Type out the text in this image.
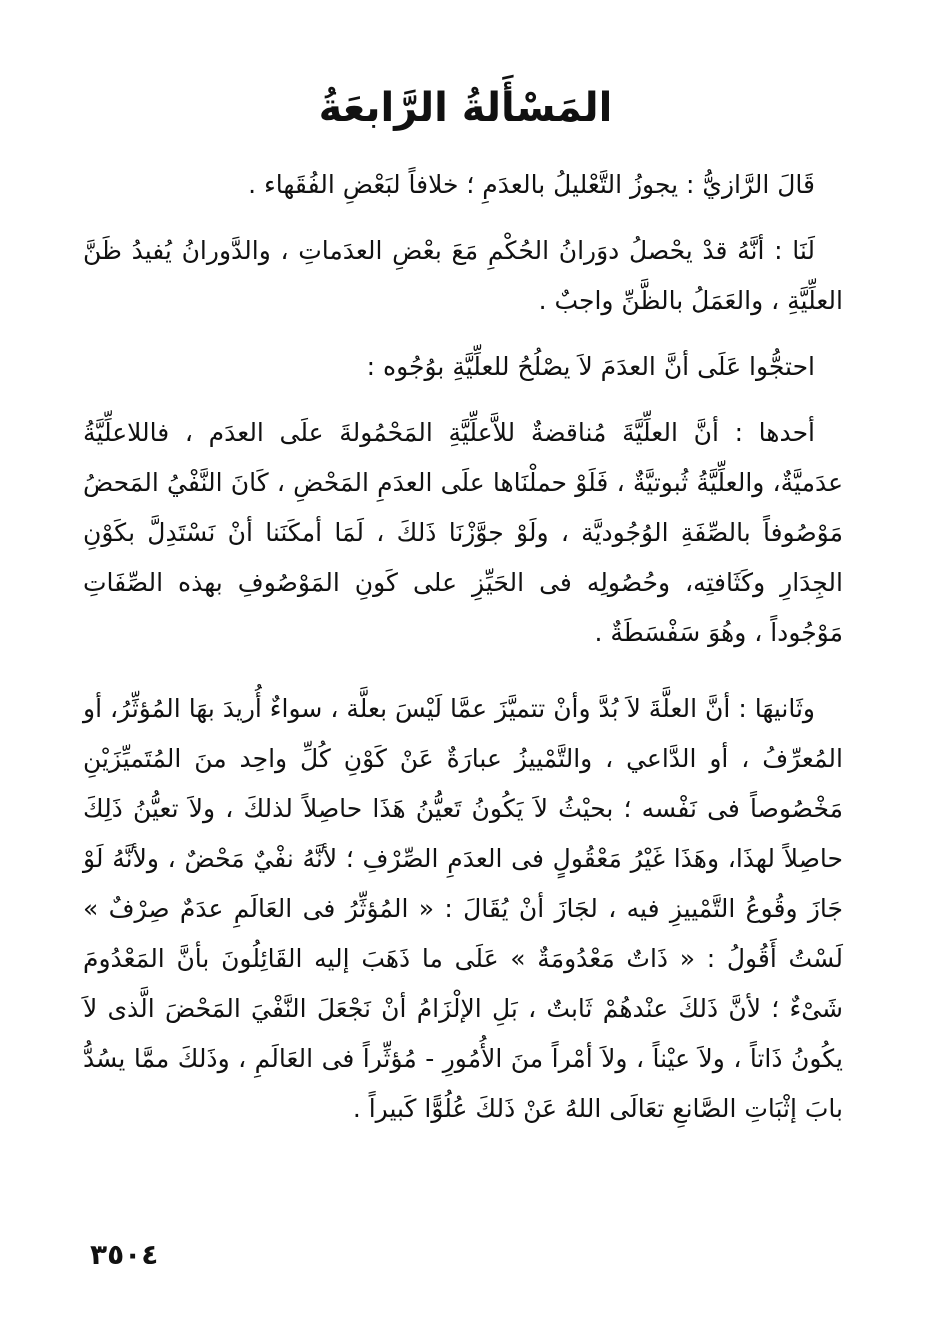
المَسْأَلةُ الرَّابعَةُ

قَالَ الرَّازيُّ : يجوزُ التَّعْليلُ بالعدَمِ ؛ خلافاً لبَعْضِ الفُقَهاء .

لَنَا : أنَّهُ قدْ يحْصلُ دوَرانُ الحُكْمِ مَعَ بعْضِ العدَماتِ ، والدَّورانُ يُفيدُ ظَنَّ العلِّيَّةِ ، والعَمَلُ بالظَّنِّ واجبٌ .

احتجُّوا عَلَى أنَّ العدَمَ لاَ يصْلُحُ للعلِّيَّةِ بوُجُوه :

أحدها : أنَّ العلِّيَّةَ مُناقضةٌ للاَّعلِّيَّةِ المَحْمُولةَ علَى العدَم ، فاللاعلِّيَّةُ عدَميَّةٌ، والعلِّيَّةُ ثُبوتيَّةٌ ، فَلَوْ حملْنَاها علَى العدَمِ المَحْضِ ، كَانَ النَّفْيُ المَحضُ مَوْصُوفاً بالصِّفَةِ الوُجُوديَّة ، ولَوْ جوَّزْنَا ذَلكَ ، لَمَا أمكَنَنا أنْ نَسْتَدِلَّ بكَوْنِ الجِدَارِ وكَثَافتِه، وحُصُولِه فى الحَيِّزِ على كَونِ المَوْصُوفِ بهذه الصِّفَاتِ مَوْجُوداً ، وهُوَ سَفْسَطَةٌ .

وثَانيهَا : أنَّ العلَّةَ لاَ بُدَّ وأنْ تتميَّزَ عمَّا لَيْسَ بعلَّة ، سواءٌ أُريدَ بهَا المُؤثِّرُ، أو المُعرِّفُ ، أو الدَّاعي ، والتَّمْييزُ عبارَةٌ عَنْ كَوْنِ كُلِّ واحِد منَ المُتَميِّزَيْنِ مَخْصُوصاً فى نَفْسه ؛ بحيْثُ لاَ يَكُونُ تَعيُّنُ هَذَا حاصِلاً لذلكَ ، ولاَ تعيُّنُ ذَلِكَ حاصِلاً لهذَا، وهَذَا غَيْرُ مَعْقُولٍ فى العدَمِ الصِّرْفِ ؛ لأنَّهُ نفْيٌ مَحْضٌ ، ولأنَّهُ لَوْ جَازَ وقُوعُ التَّمْييزِ فيه ، لجَازَ أنْ يُقَالَ : « المُؤثِّرُ فى العَالَمِ عدَمٌ صِرْفٌ » لَسْتُ أَقُولُ : « ذَاتٌ مَعْدُومَةٌ » عَلَى ما ذَهَبَ إليه القَائِلُونَ بأنَّ المَعْدُومَ شَىْءٌ ؛ لأنَّ ذَلكَ عنْدهُمْ ثَابتٌ ، بَلِ الإلْزَامُ أنْ نَجْعَلَ النَّفْيَ المَحْضَ الَّذى لاَ يكُونُ ذَاتاً ، ولاَ عيْناً ، ولاَ أمْراً منَ الأُمُورِ - مُؤثِّراً فى العَالَمِ ، وذَلكَ ممَّا يسُدُّ بابَ إثْبَاتِ الصَّانعِ تعَالَى اللهُ عَنْ ذَلكَ عُلُوًّا كَبيراً .

٣٥٠٤
